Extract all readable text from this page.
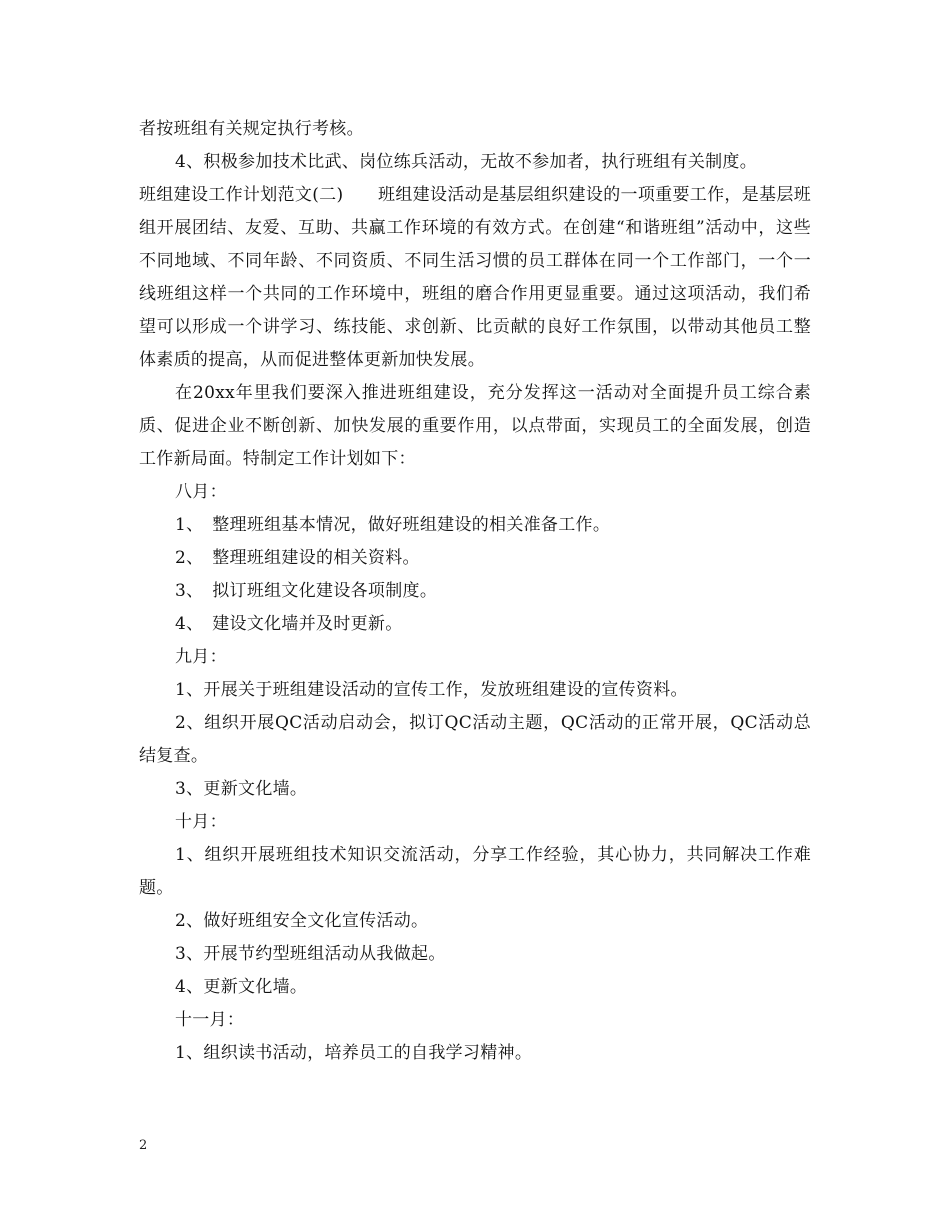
者按班组有关规定执行考核。

4、积极参加技术比武、岗位练兵活动，无故不参加者，执行班组有关制度。

班组建设工作计划范文(二)　　班组建设活动是基层组织建设的一项重要工作，是基层班组开展团结、友爱、互助、共赢工作环境的有效方式。在创建“和谐班组”活动中，这些不同地域、不同年龄、不同资质、不同生活习惯的员工群体在同一个工作部门，一个一线班组这样一个共同的工作环境中，班组的磨合作用更显重要。通过这项活动，我们希望可以形成一个讲学习、练技能、求创新、比贡献的良好工作氛围，以带动其他员工整体素质的提高，从而促进整体更新加快发展。

在20xx年里我们要深入推进班组建设，充分发挥这一活动对全面提升员工综合素质、促进企业不断创新、加快发展的重要作用，以点带面，实现员工的全面发展，创造工作新局面。特制定工作计划如下：

八月：

1、　整理班组基本情况，做好班组建设的相关准备工作。

2、　整理班组建设的相关资料。

3、　拟订班组文化建设各项制度。

4、　建设文化墙并及时更新。

九月：

1、开展关于班组建设活动的宣传工作，发放班组建设的宣传资料。

2、组织开展QC活动启动会，拟订QC活动主题，QC活动的正常开展，QC活动总结复查。

3、更新文化墙。

十月：

1、组织开展班组技术知识交流活动，分享工作经验，其心协力，共同解决工作难题。

2、做好班组安全文化宣传活动。

3、开展节约型班组活动从我做起。

4、更新文化墙。

十一月：

1、组织读书活动，培养员工的自我学习精神。

2
